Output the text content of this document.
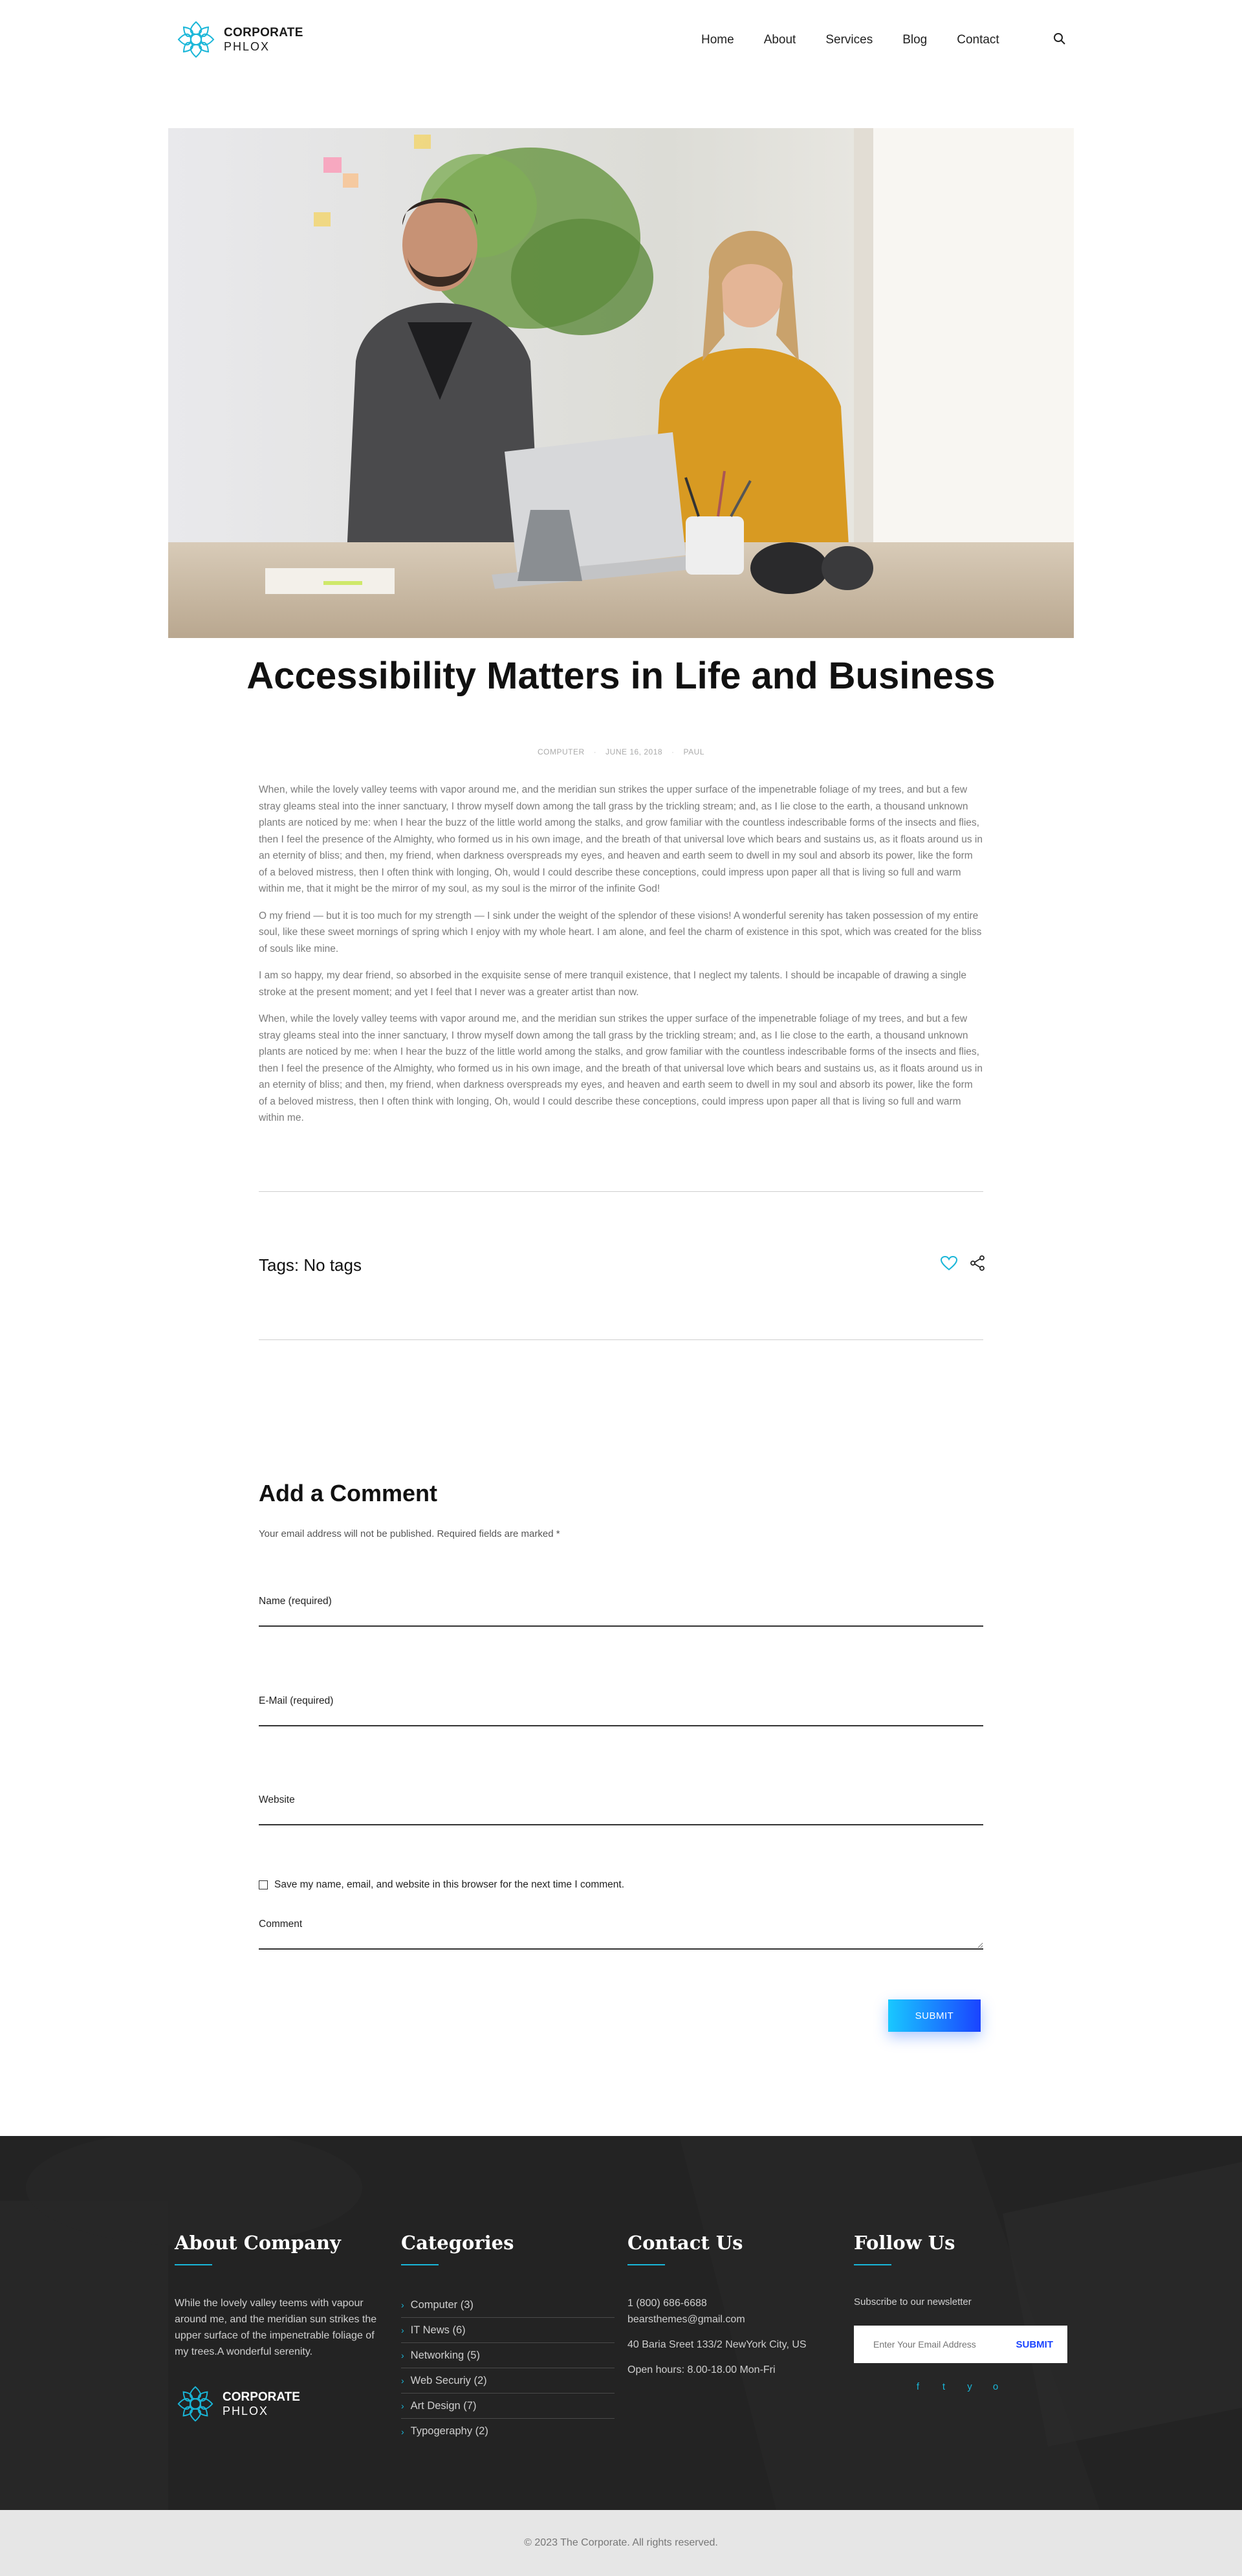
CORPORATE
PHLOX	Home About Services Blog Contact
Accessibility Matters in Life and Business
COMPUTER · JUNE 16, 2018 · PAUL

When, while the lovely valley teems with vapor around me, and the meridian sun strikes the upper surface of the impenetrable foliage of my trees, and but a few stray gleams steal into the inner sanctuary, I throw myself down among the tall grass by the trickling stream; and, as I lie close to the earth, a thousand unknown plants are noticed by me: when I hear the buzz of the little world among the stalks, and grow familiar with the countless indescribable forms of the insects and flies, then I feel the presence of the Almighty, who formed us in his own image, and the breath of that universal love which bears and sustains us, as it floats around us in an eternity of bliss; and then, my friend, when darkness overspreads my eyes, and heaven and earth seem to dwell in my soul and absorb its power, like the form of a beloved mistress, then I often think with longing, Oh, would I could describe these conceptions, could impress upon paper all that is living so full and warm within me, that it might be the mirror of my soul, as my soul is the mirror of the infinite God!

O my friend — but it is too much for my strength — I sink under the weight of the splendor of these visions! A wonderful serenity has taken possession of my entire soul, like these sweet mornings of spring which I enjoy with my whole heart. I am alone, and feel the charm of existence in this spot, which was created for the bliss of souls like mine.

I am so happy, my dear friend, so absorbed in the exquisite sense of mere tranquil existence, that I neglect my talents. I should be incapable of drawing a single stroke at the present moment; and yet I feel that I never was a greater artist than now.

When, while the lovely valley teems with vapor around me, and the meridian sun strikes the upper surface of the impenetrable foliage of my trees, and but a few stray gleams steal into the inner sanctuary, I throw myself down among the tall grass by the trickling stream; and, as I lie close to the earth, a thousand unknown plants are noticed by me: when I hear the buzz of the little world among the stalks, and grow familiar with the countless indescribable forms of the insects and flies, then I feel the presence of the Almighty, who formed us in his own image, and the breath of that universal love which bears and sustains us, as it floats around us in an eternity of bliss; and then, my friend, when darkness overspreads my eyes, and heaven and earth seem to dwell in my soul and absorb its power, like the form of a beloved mistress, then I often think with longing, Oh, would I could describe these conceptions, could impress upon paper all that is living so full and warm within me.

Tags: No tags
Add a Comment

Your email address will not be published. Required fields are marked *

Name (required)
E-Mail (required)
Website
Save my name, email, and website in this browser for the next time I comment.
Comment
SUBMIT
About Company

While the lovely valley teems with vapour around me, and the meridian sun strikes the upper surface of the impenetrable foliage of my trees.A wonderful serenity.

CORPORATE
PHLOX
Categories
› Computer (3)
› IT News (6)
› Networking (5)
› Web Securiy (2)
› Art Design (7)
› Typogeraphy (2)
Contact Us

1 (800) 686-6688

bearsthemes@gmail.com

40 Baria Sreet 133/2 NewYork City, US

Open hours: 8.00-18.00 Mon-Fri

Follow Us

Subscribe to our newsletter

Enter Your Email Address
SUBMIT
f	t	y	o
© 2023 The Corporate. All rights reserved.
